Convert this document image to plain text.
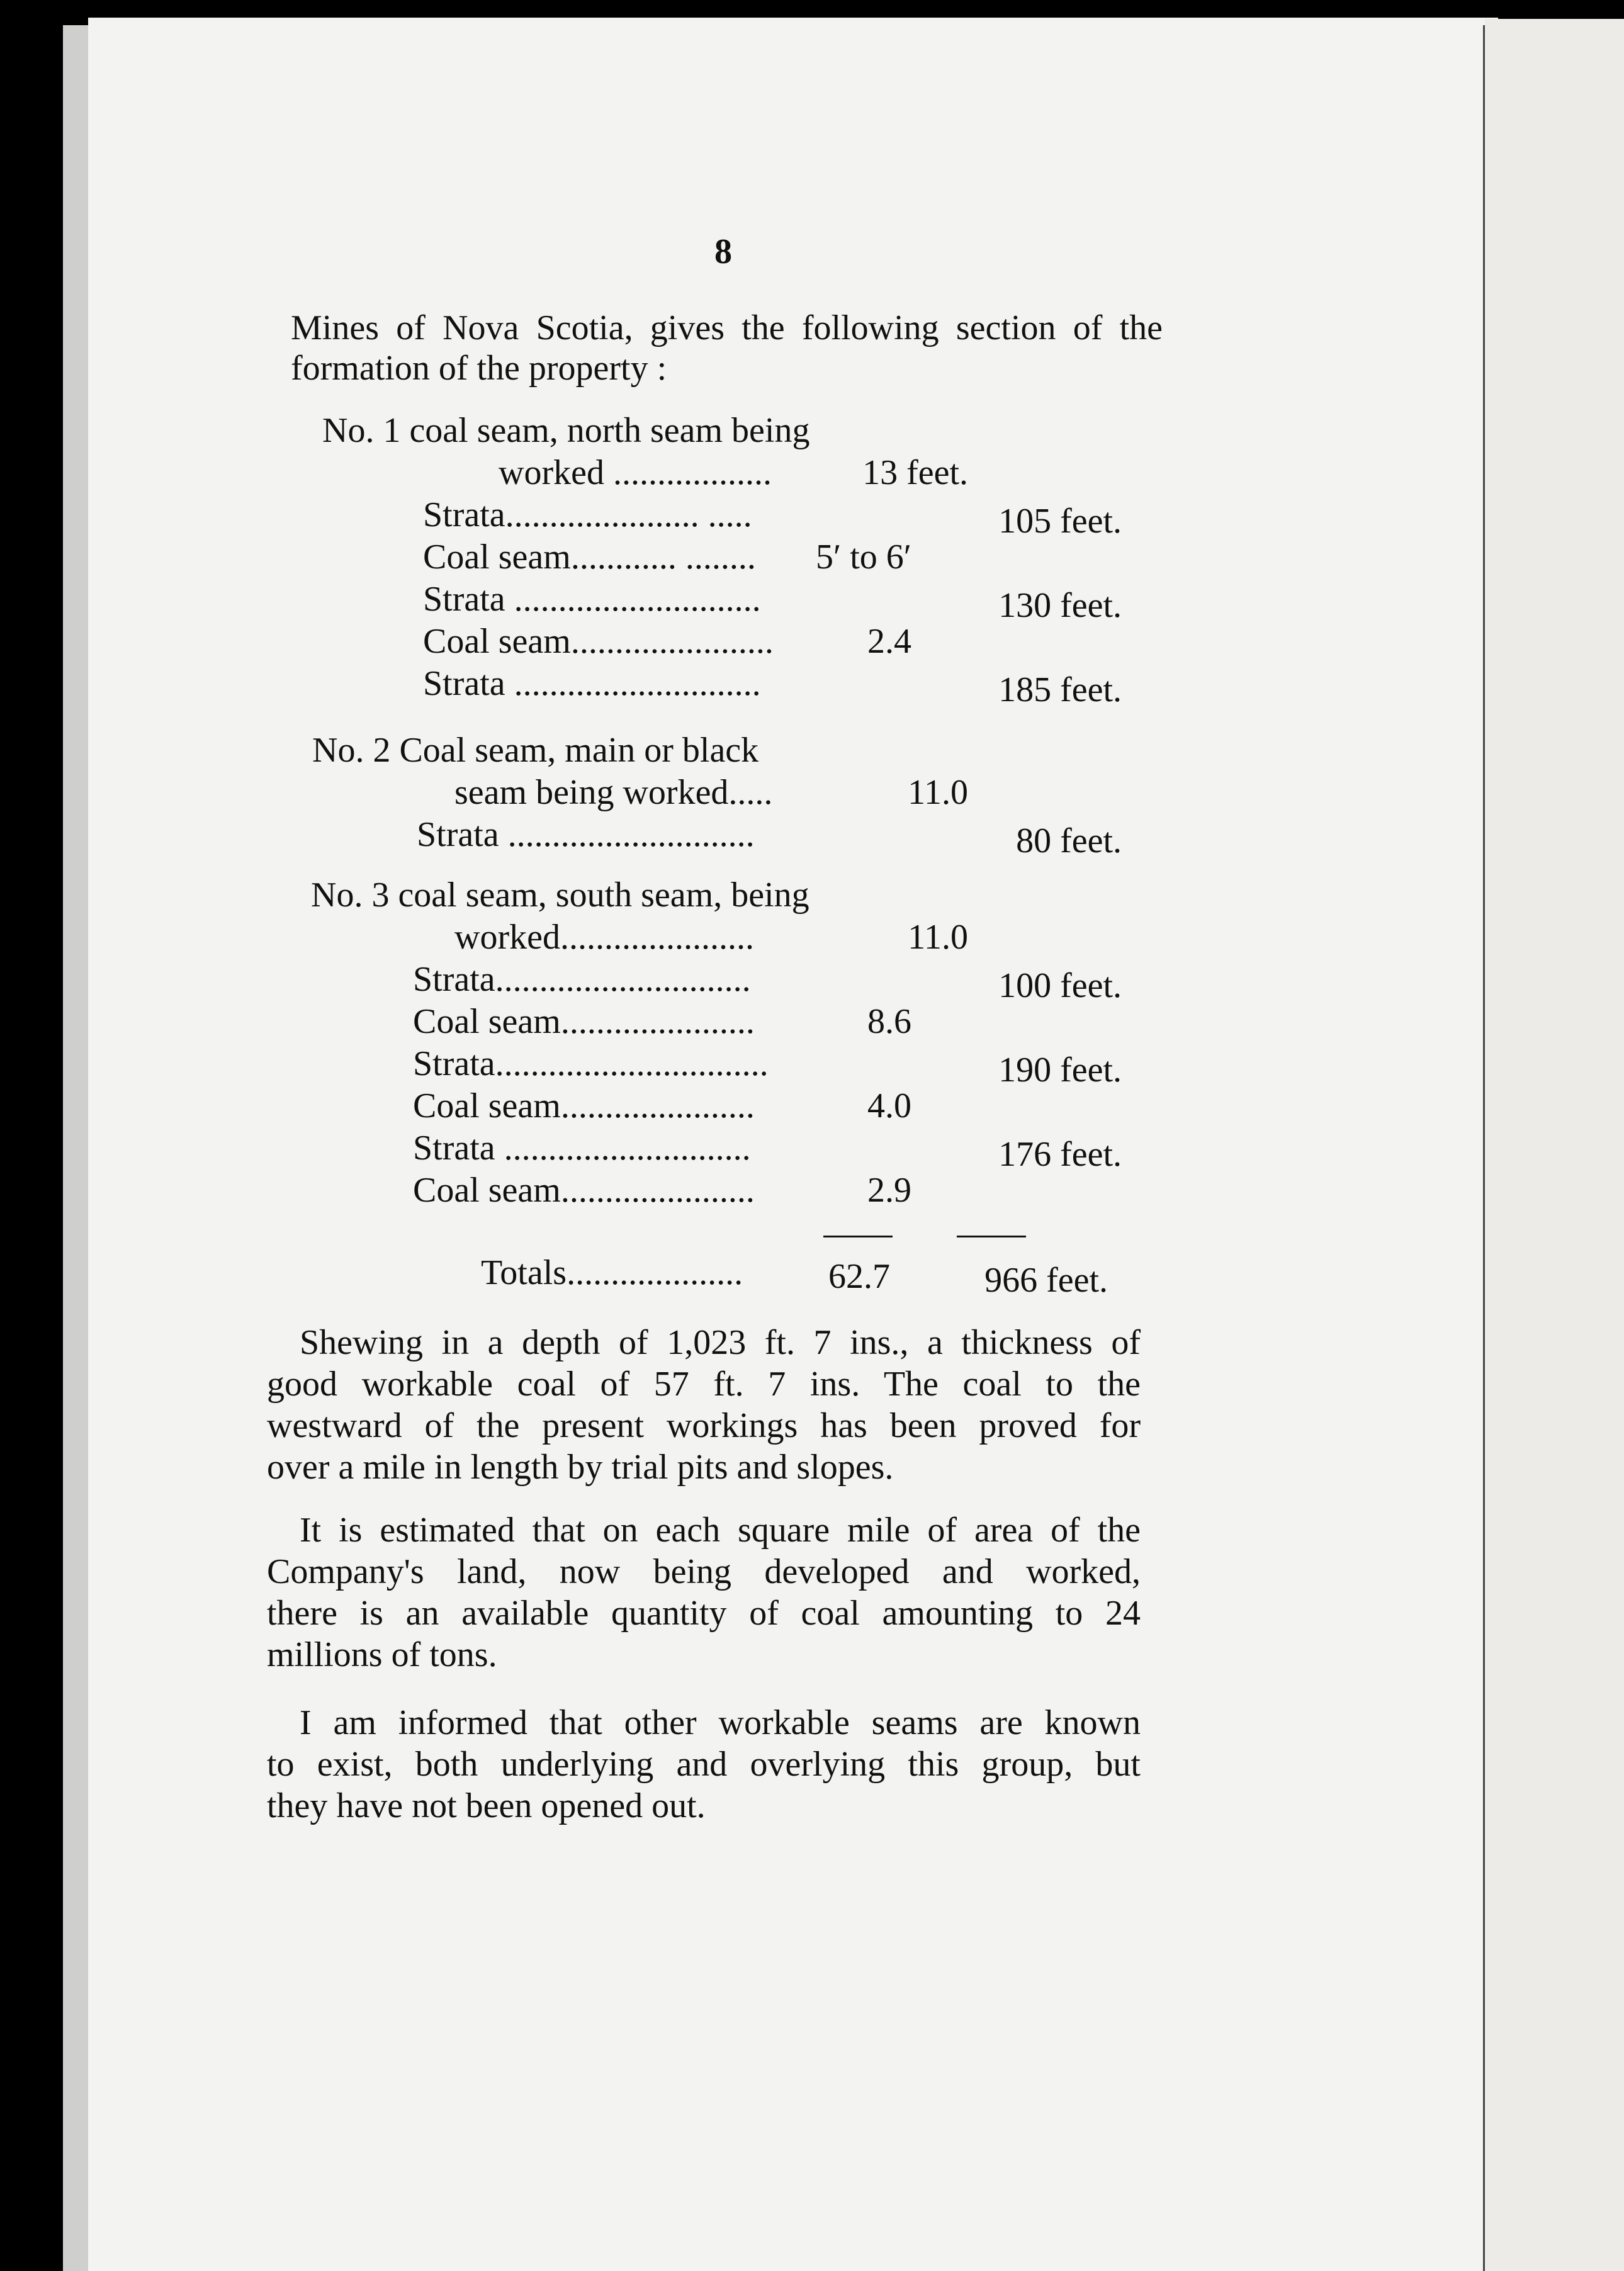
8
Mines of Nova Scotia, gives the following section of the
formation of the property :
No. 1 coal seam, north seam being
worked ..................	13 feet.
Strata...................... .....	105 feet.
Coal seam............ ........ 5′ to 6′
Strata ............................	130 feet.
Coal seam.......................	2.4
Strata ............................	185 feet.
No. 2 Coal seam, main or black
seam being worked.....	11.0
Strata ............................	80 feet.
No. 3 coal seam, south seam, being
worked......................	11.0
Strata.............................	100 feet.
Coal seam......................	8.6
Strata...............................	190 feet.
Coal seam......................	4.0
Strata ............................	176 feet.
Coal seam......................	2.9
Totals.................... 62.7	966 feet.
Shewing in a depth of 1,023 ft. 7 ins., a thickness of
good workable coal of 57 ft. 7 ins. The coal to the
westward of the present workings has been proved for
over a mile in length by trial pits and slopes.
It is estimated that on each square mile of area of the
Company's land, now being developed and worked,
there is an available quantity of coal amounting to 24
millions of tons.
I am informed that other workable seams are known
to exist, both underlying and overlying this group, but
they have not been opened out.
